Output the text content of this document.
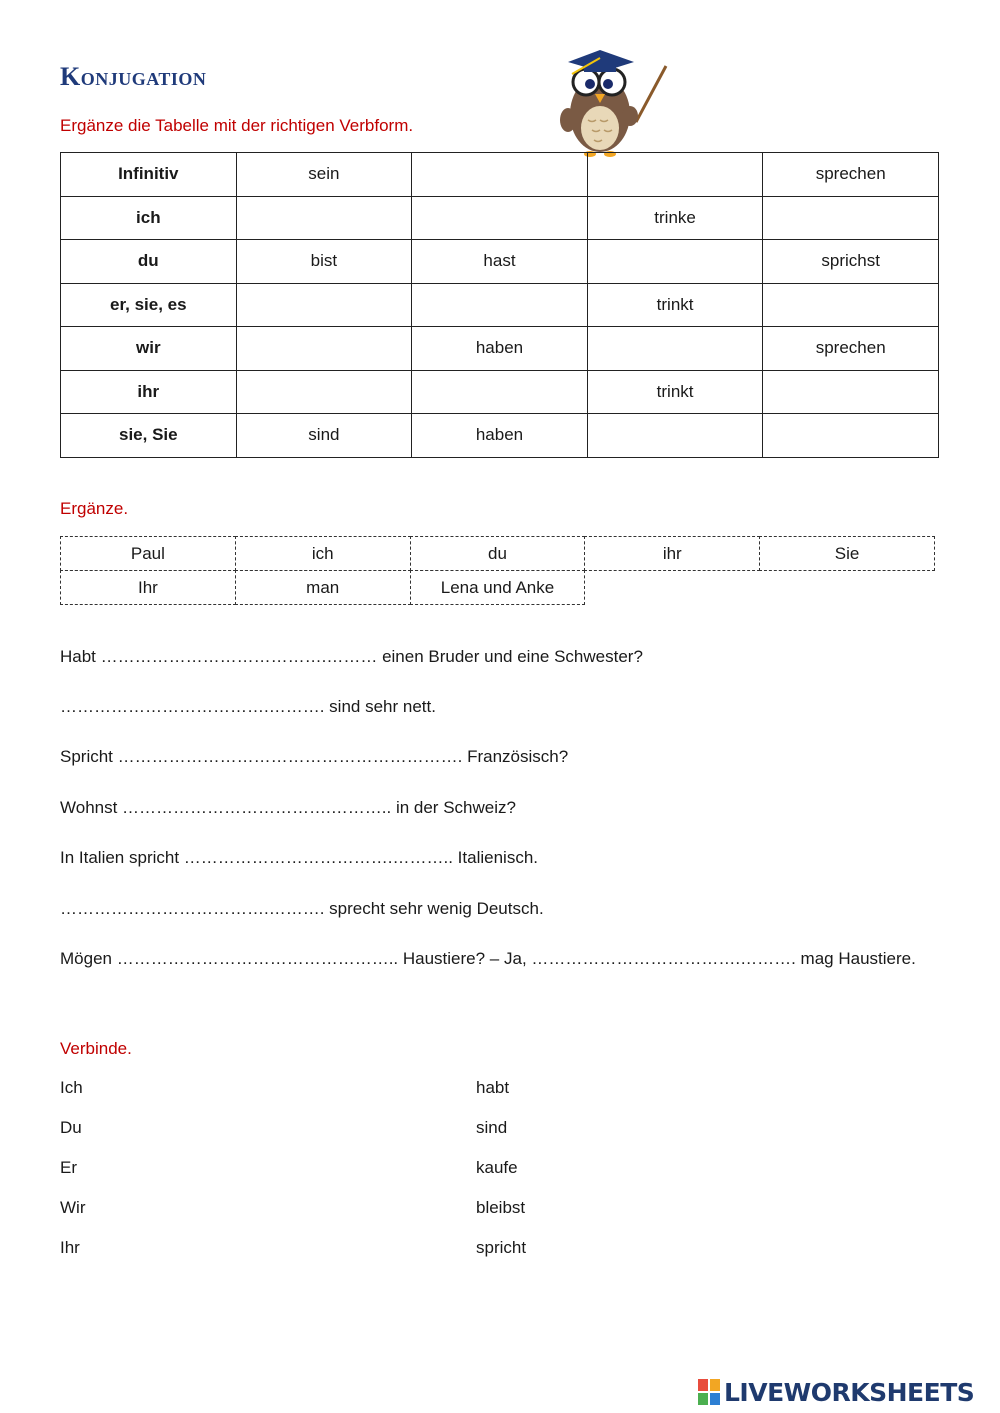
Konjugation
Ergänze die Tabelle mit der richtigen Verbform.
Infinitiv	sein			sprechen
ich			trinke	
du	bist	hast		sprichst
er, sie, es			trinkt	
wir		haben		sprechen
ihr			trinkt	
sie, Sie	sind	haben		
Ergänze.
Paul	ich	du	ihr	Sie
Ihr	man	Lena und Anke
Habt ………………………………….……… einen Bruder und eine Schwester?
……………………………….………. sind sehr nett.
Spricht ……………………………………………………. Französisch?
Wohnst ……………………………….……….. in der Schweiz?
In Italien spricht ……………………………….……….. Italienisch.
……………………………….………. sprecht sehr wenig Deutsch.
Mögen ………………………………………….. Haustiere? – Ja, ……………………………….………. mag Haustiere.
Verbinde.
Ich
Du
Er
Wir
Ihr
habt
sind
kaufe
bleibst
spricht
LIVEWORKSHEETS
